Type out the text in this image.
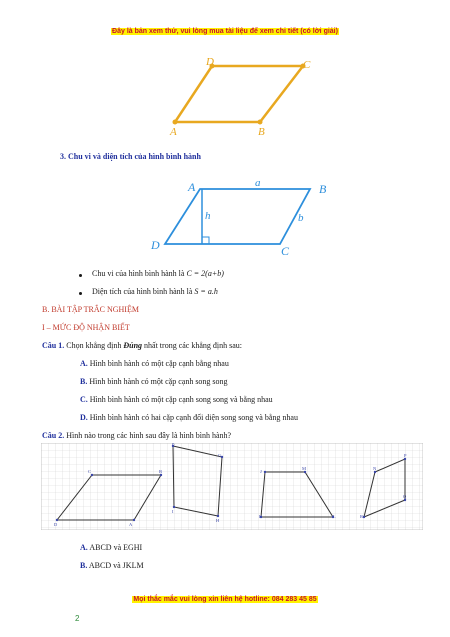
Đây là bản xem thử, vui lòng mua tài liệu để xem chi tiết (có lời giải)
A	B
C
D
3. Chu vi và diện tích của hình bình hành
A	B
C
D
a
b
h
Chu vi của hình bình hành là C = 2(a+b)
Diện tích của hình bình hành là S = a.h
B. BÀI TẬP TRẮC NGHIỆM
I – MỨC ĐỘ NHẬN BIẾT
Câu 1. Chọn khẳng định Đúng nhất trong các khẳng định sau:
A. Hình bình hành có một cặp cạnh bằng nhau
B. Hình bình hành có một cặp cạnh song song
C. Hình bình hành có một cặp cạnh song song và bằng nhau
D. Hình bình hành có hai cặp cạnh đối diện song song và bằng nhau
Câu 2. Hình nào trong các hình sau đây là hình bình hành?
C	B
D	A
E
G
I
H
J
M
K	L
N
P
Q
R
A. ABCD và EGHI
B. ABCD và JKLM
Mọi thắc mắc vui lòng xin liên hệ hotline: 084 283 45 85
2
